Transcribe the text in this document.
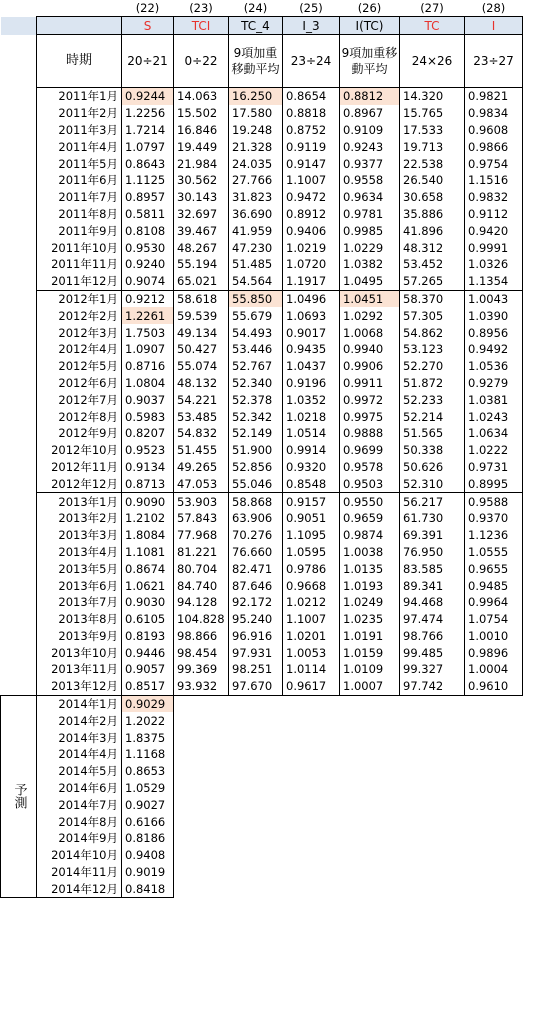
		(22)	(23)	(24)	(25)	(26)	(27)	(28)
		S	TCI	TC_4	I_3	I(TC)	TC	I
	時期	20÷21	0÷22	9項加重移動平均	23÷24	9項加重移動平均	24×26	23÷27
	2011年1月	0.9244	14.063	16.250	0.8654	0.8812	14.320	0.9821
	2011年2月	1.2256	15.502	17.580	0.8818	0.8967	15.765	0.9834
	2011年3月	1.7214	16.846	19.248	0.8752	0.9109	17.533	0.9608
	2011年4月	1.0797	19.449	21.328	0.9119	0.9243	19.713	0.9866
	2011年5月	0.8643	21.984	24.035	0.9147	0.9377	22.538	0.9754
	2011年6月	1.1125	30.562	27.766	1.1007	0.9558	26.540	1.1516
	2011年7月	0.8957	30.143	31.823	0.9472	0.9634	30.658	0.9832
	2011年8月	0.5811	32.697	36.690	0.8912	0.9781	35.886	0.9112
	2011年9月	0.8108	39.467	41.959	0.9406	0.9985	41.896	0.9420
	2011年10月	0.9530	48.267	47.230	1.0219	1.0229	48.312	0.9991
	2011年11月	0.9240	55.194	51.485	1.0720	1.0382	53.452	1.0326
	2011年12月	0.9074	65.021	54.564	1.1917	1.0495	57.265	1.1354
	2012年1月	0.9212	58.618	55.850	1.0496	1.0451	58.370	1.0043
	2012年2月	1.2261	59.539	55.679	1.0693	1.0292	57.305	1.0390
	2012年3月	1.7503	49.134	54.493	0.9017	1.0068	54.862	0.8956
	2012年4月	1.0907	50.427	53.446	0.9435	0.9940	53.123	0.9492
	2012年5月	0.8716	55.074	52.767	1.0437	0.9906	52.270	1.0536
	2012年6月	1.0804	48.132	52.340	0.9196	0.9911	51.872	0.9279
	2012年7月	0.9037	54.221	52.378	1.0352	0.9972	52.233	1.0381
	2012年8月	0.5983	53.485	52.342	1.0218	0.9975	52.214	1.0243
	2012年9月	0.8207	54.832	52.149	1.0514	0.9888	51.565	1.0634
	2012年10月	0.9523	51.455	51.900	0.9914	0.9699	50.338	1.0222
	2012年11月	0.9134	49.265	52.856	0.9320	0.9578	50.626	0.9731
	2012年12月	0.8713	47.053	55.046	0.8548	0.9503	52.310	0.8995
	2013年1月	0.9090	53.903	58.868	0.9157	0.9550	56.217	0.9588
	2013年2月	1.2102	57.843	63.906	0.9051	0.9659	61.730	0.9370
	2013年3月	1.8084	77.968	70.276	1.1095	0.9874	69.391	1.1236
	2013年4月	1.1081	81.221	76.660	1.0595	1.0038	76.950	1.0555
	2013年5月	0.8674	80.704	82.471	0.9786	1.0135	83.585	0.9655
	2013年6月	1.0621	84.740	87.646	0.9668	1.0193	89.341	0.9485
	2013年7月	0.9030	94.128	92.172	1.0212	1.0249	94.468	0.9964
	2013年8月	0.6105	104.828	95.240	1.1007	1.0235	97.474	1.0754
	2013年9月	0.8193	98.866	96.916	1.0201	1.0191	98.766	1.0010
	2013年10月	0.9446	98.454	97.931	1.0053	1.0159	99.485	0.9896
	2013年11月	0.9057	99.369	98.251	1.0114	1.0109	99.327	1.0004
	2013年12月	0.8517	93.932	97.670	0.9617	1.0007	97.742	0.9610

予測	2014年1月	0.9029						
	2014年2月	1.2022						
	2014年3月	1.8375						
	2014年4月	1.1168						
	2014年5月	0.8653						
	2014年6月	1.0529						
	2014年7月	0.9027						
	2014年8月	0.6166						
	2014年9月	0.8186						
	2014年10月	0.9408						
	2014年11月	0.9019						
	2014年12月	0.8418						
